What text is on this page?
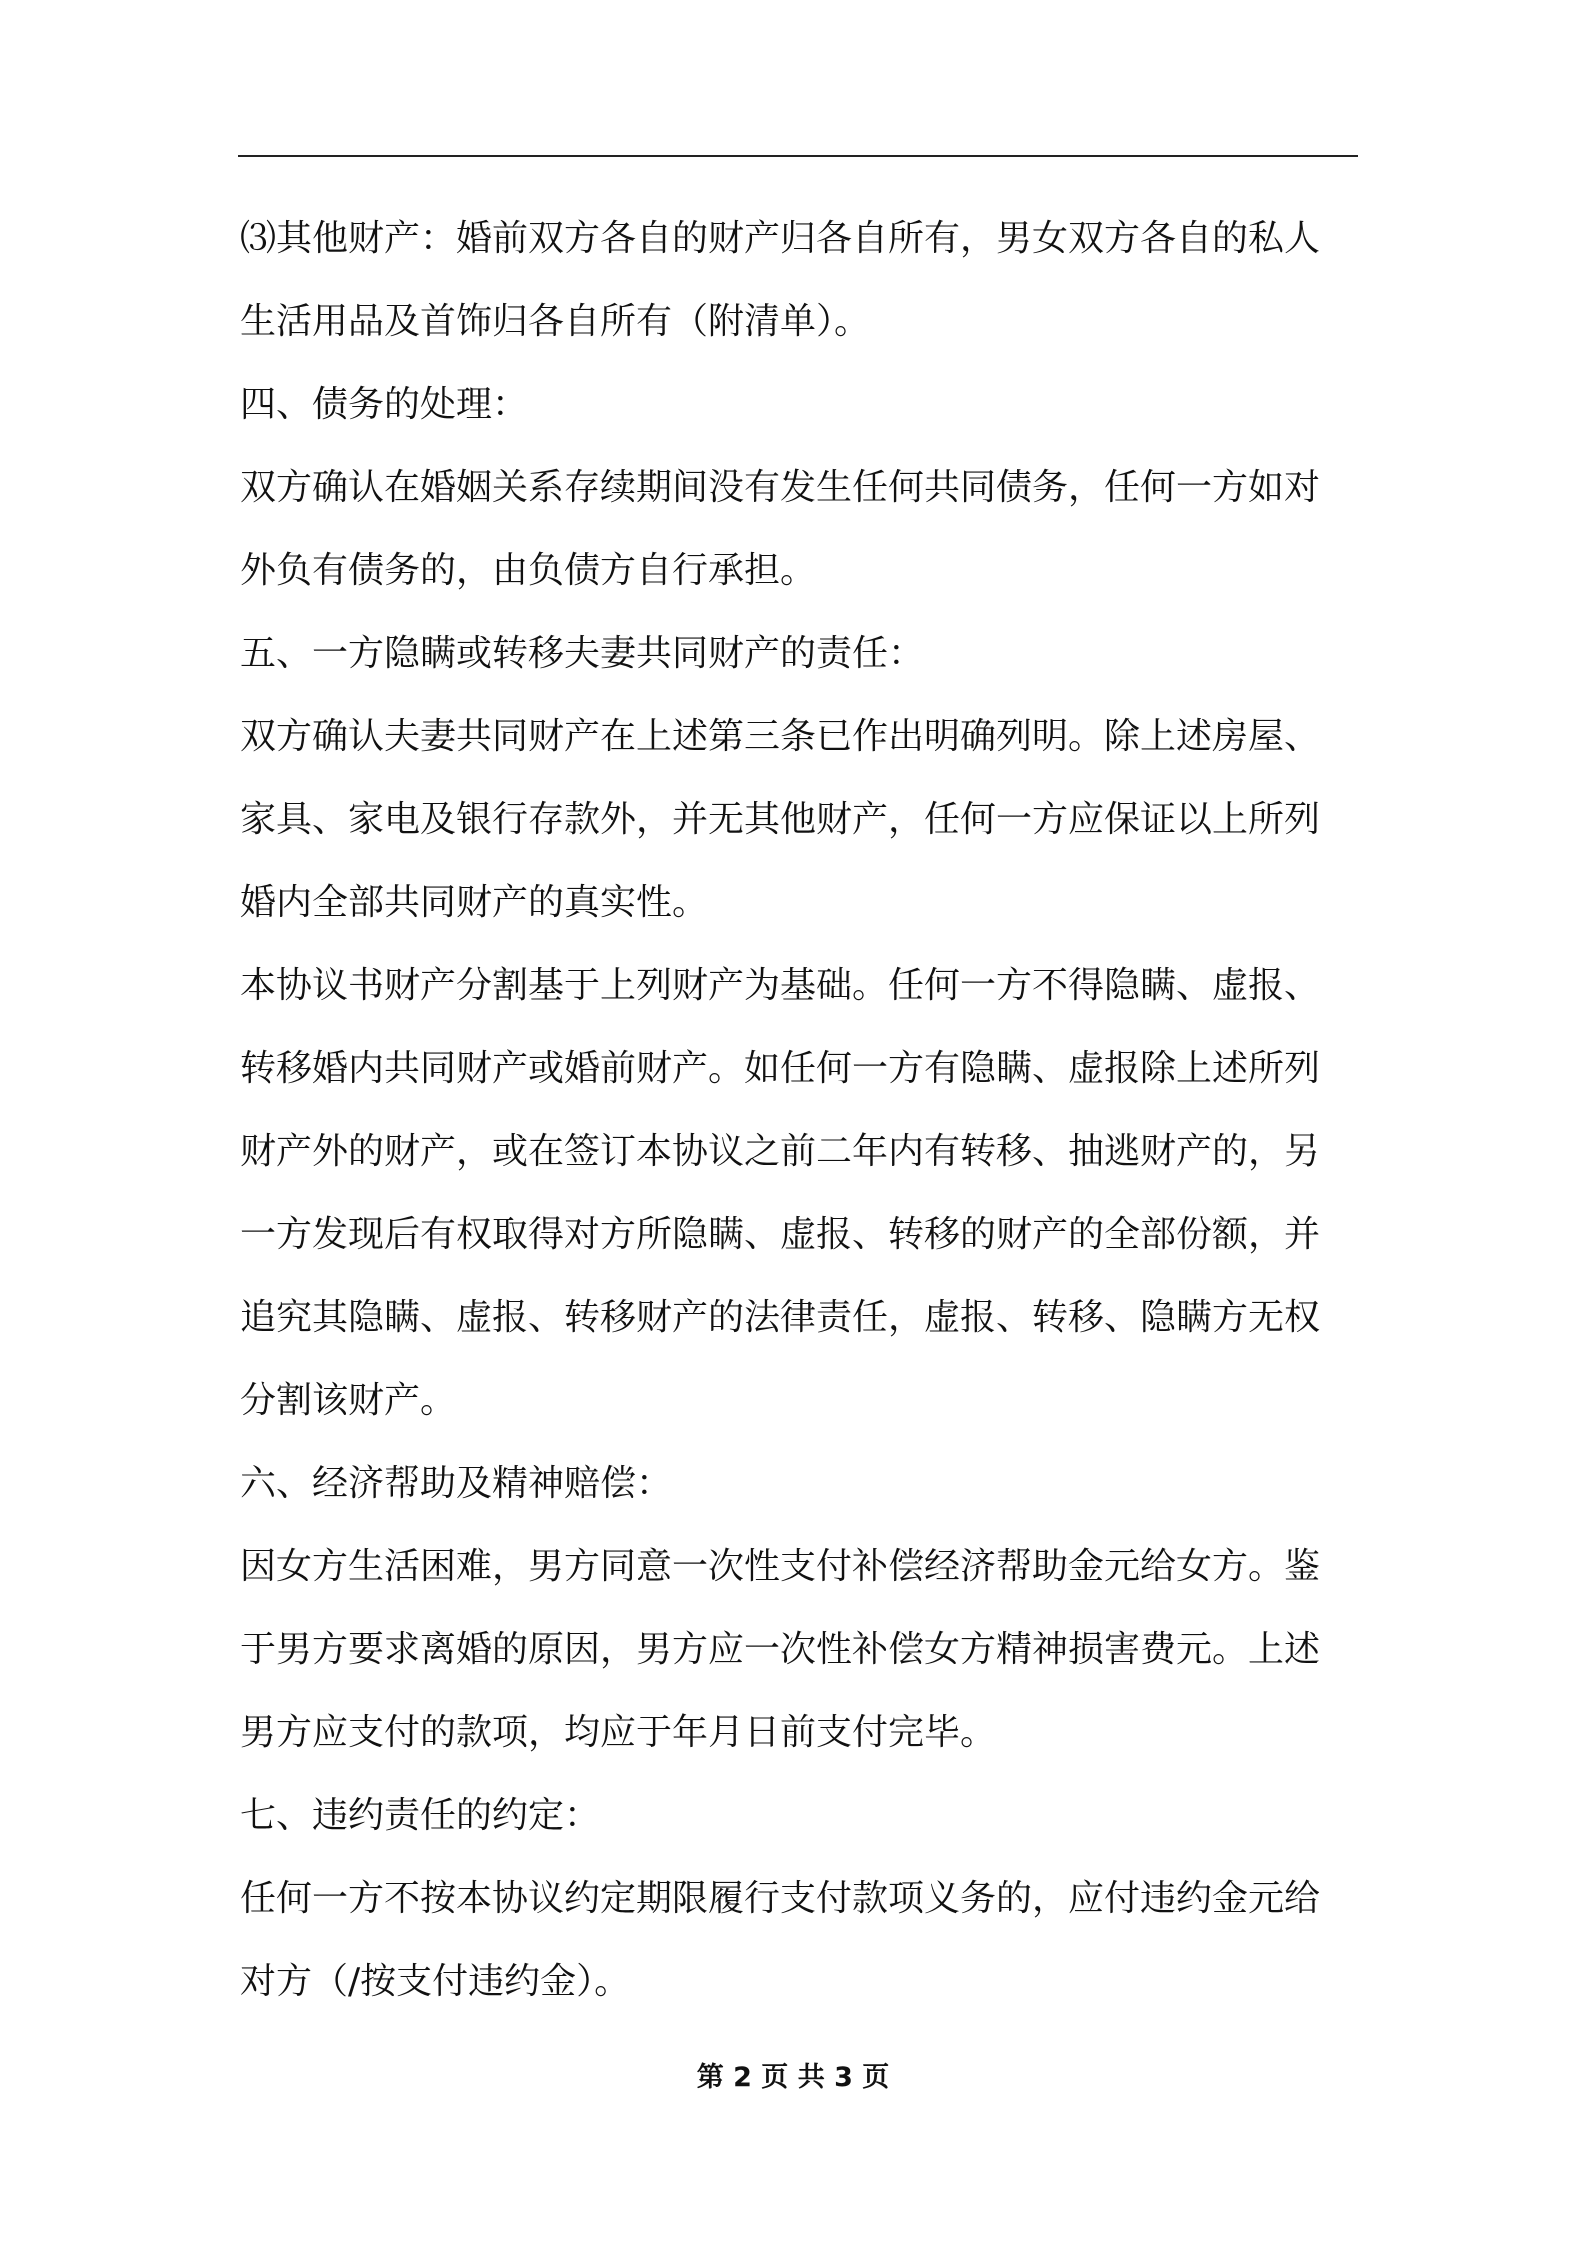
⑶其他财产：婚前双方各自的财产归各自所有，男女双方各自的私人
生活用品及首饰归各自所有（附清单）。
四、债务的处理：
双方确认在婚姻关系存续期间没有发生任何共同债务，任何一方如对
外负有债务的，由负债方自行承担。
五、一方隐瞒或转移夫妻共同财产的责任：
双方确认夫妻共同财产在上述第三条已作出明确列明。除上述房屋、
家具、家电及银行存款外，并无其他财产，任何一方应保证以上所列
婚内全部共同财产的真实性。
本协议书财产分割基于上列财产为基础。任何一方不得隐瞒、虚报、
转移婚内共同财产或婚前财产。如任何一方有隐瞒、虚报除上述所列
财产外的财产，或在签订本协议之前二年内有转移、抽逃财产的，另
一方发现后有权取得对方所隐瞒、虚报、转移的财产的全部份额，并
追究其隐瞒、虚报、转移财产的法律责任，虚报、转移、隐瞒方无权
分割该财产。
六、经济帮助及精神赔偿：
因女方生活困难，男方同意一次性支付补偿经济帮助金元给女方。鉴
于男方要求离婚的原因，男方应一次性补偿女方精神损害费元。上述
男方应支付的款项，均应于年月日前支付完毕。
七、违约责任的约定：
任何一方不按本协议约定期限履行支付款项义务的，应付违约金元给
对方（/按支付违约金）。
第 2 页 共 3 页
